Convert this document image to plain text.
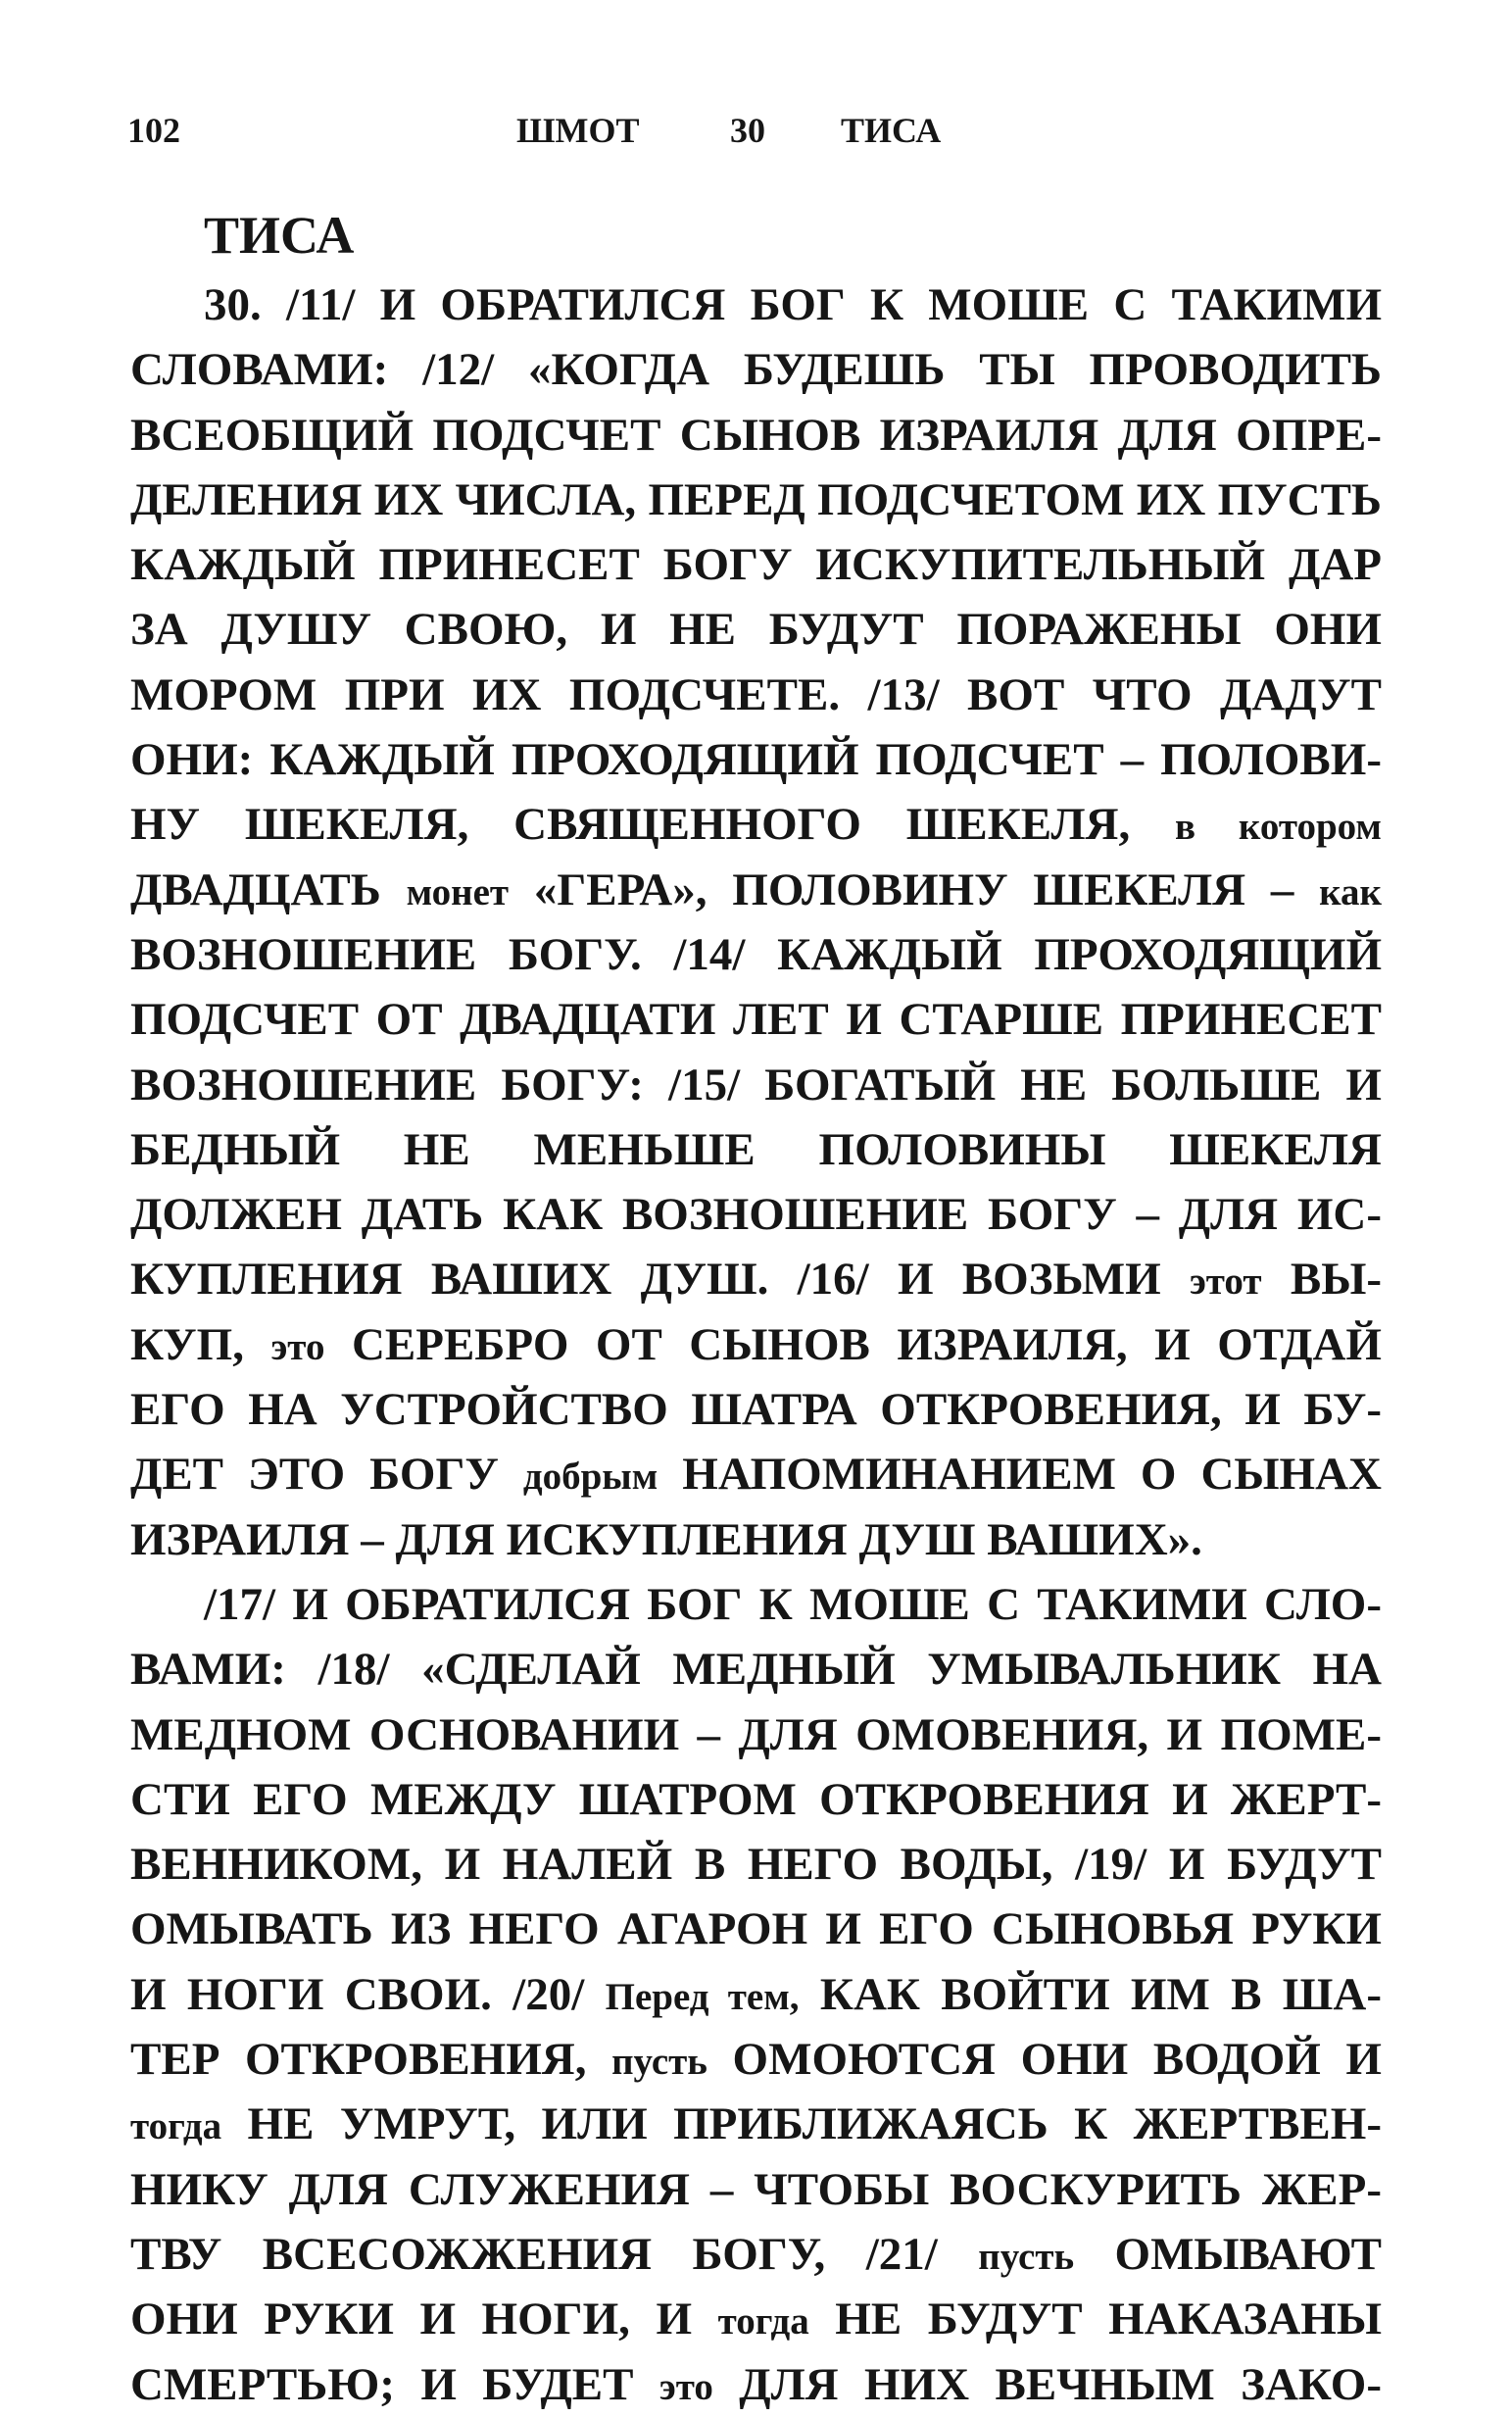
102	ШМОТ	30 ТИСА
ТИСА
30. /11/ И ОБРАТИЛСЯ БОГ К МОШЕ С ТАКИМИ
СЛОВАМИ: /12/ «КОГДА БУДЕШЬ ТЫ ПРОВОДИТЬ
ВСЕОБЩИЙ ПОДСЧЕТ СЫНОВ ИЗРАИЛЯ ДЛЯ ОПРЕ-
ДЕЛЕНИЯ ИХ ЧИСЛА, ПЕРЕД ПОДСЧЕТОМ ИХ ПУСТЬ
КАЖДЫЙ ПРИНЕСЕТ БОГУ ИСКУПИТЕЛЬНЫЙ ДАР
ЗА ДУШУ СВОЮ, И НЕ БУДУТ ПОРАЖЕНЫ ОНИ
МОРОМ ПРИ ИХ ПОДСЧЕТЕ. /13/ ВОТ ЧТО ДАДУТ
ОНИ: КАЖДЫЙ ПРОХОДЯЩИЙ ПОДСЧЕТ – ПОЛОВИ-
НУ ШЕКЕЛЯ, СВЯЩЕННОГО ШЕКЕЛЯ, в котором
ДВАДЦАТЬ монет «ГЕРА», ПОЛОВИНУ ШЕКЕЛЯ – как
ВОЗНОШЕНИЕ БОГУ. /14/ КАЖДЫЙ ПРОХОДЯЩИЙ
ПОДСЧЕТ ОТ ДВАДЦАТИ ЛЕТ И СТАРШЕ ПРИНЕСЕТ
ВОЗНОШЕНИЕ БОГУ: /15/ БОГАТЫЙ НЕ БОЛЬШЕ И
БЕДНЫЙ НЕ МЕНЬШЕ ПОЛОВИНЫ ШЕКЕЛЯ
ДОЛЖЕН ДАТЬ КАК ВОЗНОШЕНИЕ БОГУ – ДЛЯ ИС-
КУПЛЕНИЯ ВАШИХ ДУШ. /16/ И ВОЗЬМИ этот ВЫ-
КУП, это СЕРЕБРО ОТ СЫНОВ ИЗРАИЛЯ, И ОТДАЙ
ЕГО НА УСТРОЙСТВО ШАТРА ОТКРОВЕНИЯ, И БУ-
ДЕТ ЭТО БОГУ добрым НАПОМИНАНИЕМ О СЫНАХ
ИЗРАИЛЯ – ДЛЯ ИСКУПЛЕНИЯ ДУШ ВАШИХ».
/17/ И ОБРАТИЛСЯ БОГ К МОШЕ С ТАКИМИ СЛО-
ВАМИ: /18/ «СДЕЛАЙ МЕДНЫЙ УМЫВАЛЬНИК НА
МЕДНОМ ОСНОВАНИИ – ДЛЯ ОМОВЕНИЯ, И ПОМЕ-
СТИ ЕГО МЕЖДУ ШАТРОМ ОТКРОВЕНИЯ И ЖЕРТ-
ВЕННИКОМ, И НАЛЕЙ В НЕГО ВОДЫ, /19/ И БУДУТ
ОМЫВАТЬ ИЗ НЕГО АГАРОН И ЕГО СЫНОВЬЯ РУКИ
И НОГИ СВОИ. /20/ Перед тем, КАК ВОЙТИ ИМ В ША-
ТЕР ОТКРОВЕНИЯ, пусть ОМОЮТСЯ ОНИ ВОДОЙ И
тогда НЕ УМРУТ, ИЛИ ПРИБЛИЖАЯСЬ К ЖЕРТВЕН-
НИКУ ДЛЯ СЛУЖЕНИЯ – ЧТОБЫ ВОСКУРИТЬ ЖЕР-
ТВУ ВСЕСОЖЖЕНИЯ БОГУ, /21/ пусть ОМЫВАЮТ
ОНИ РУКИ И НОГИ, И тогда НЕ БУДУТ НАКАЗАНЫ
СМЕРТЬЮ; И БУДЕТ это ДЛЯ НИХ ВЕЧНЫМ ЗАКО-
